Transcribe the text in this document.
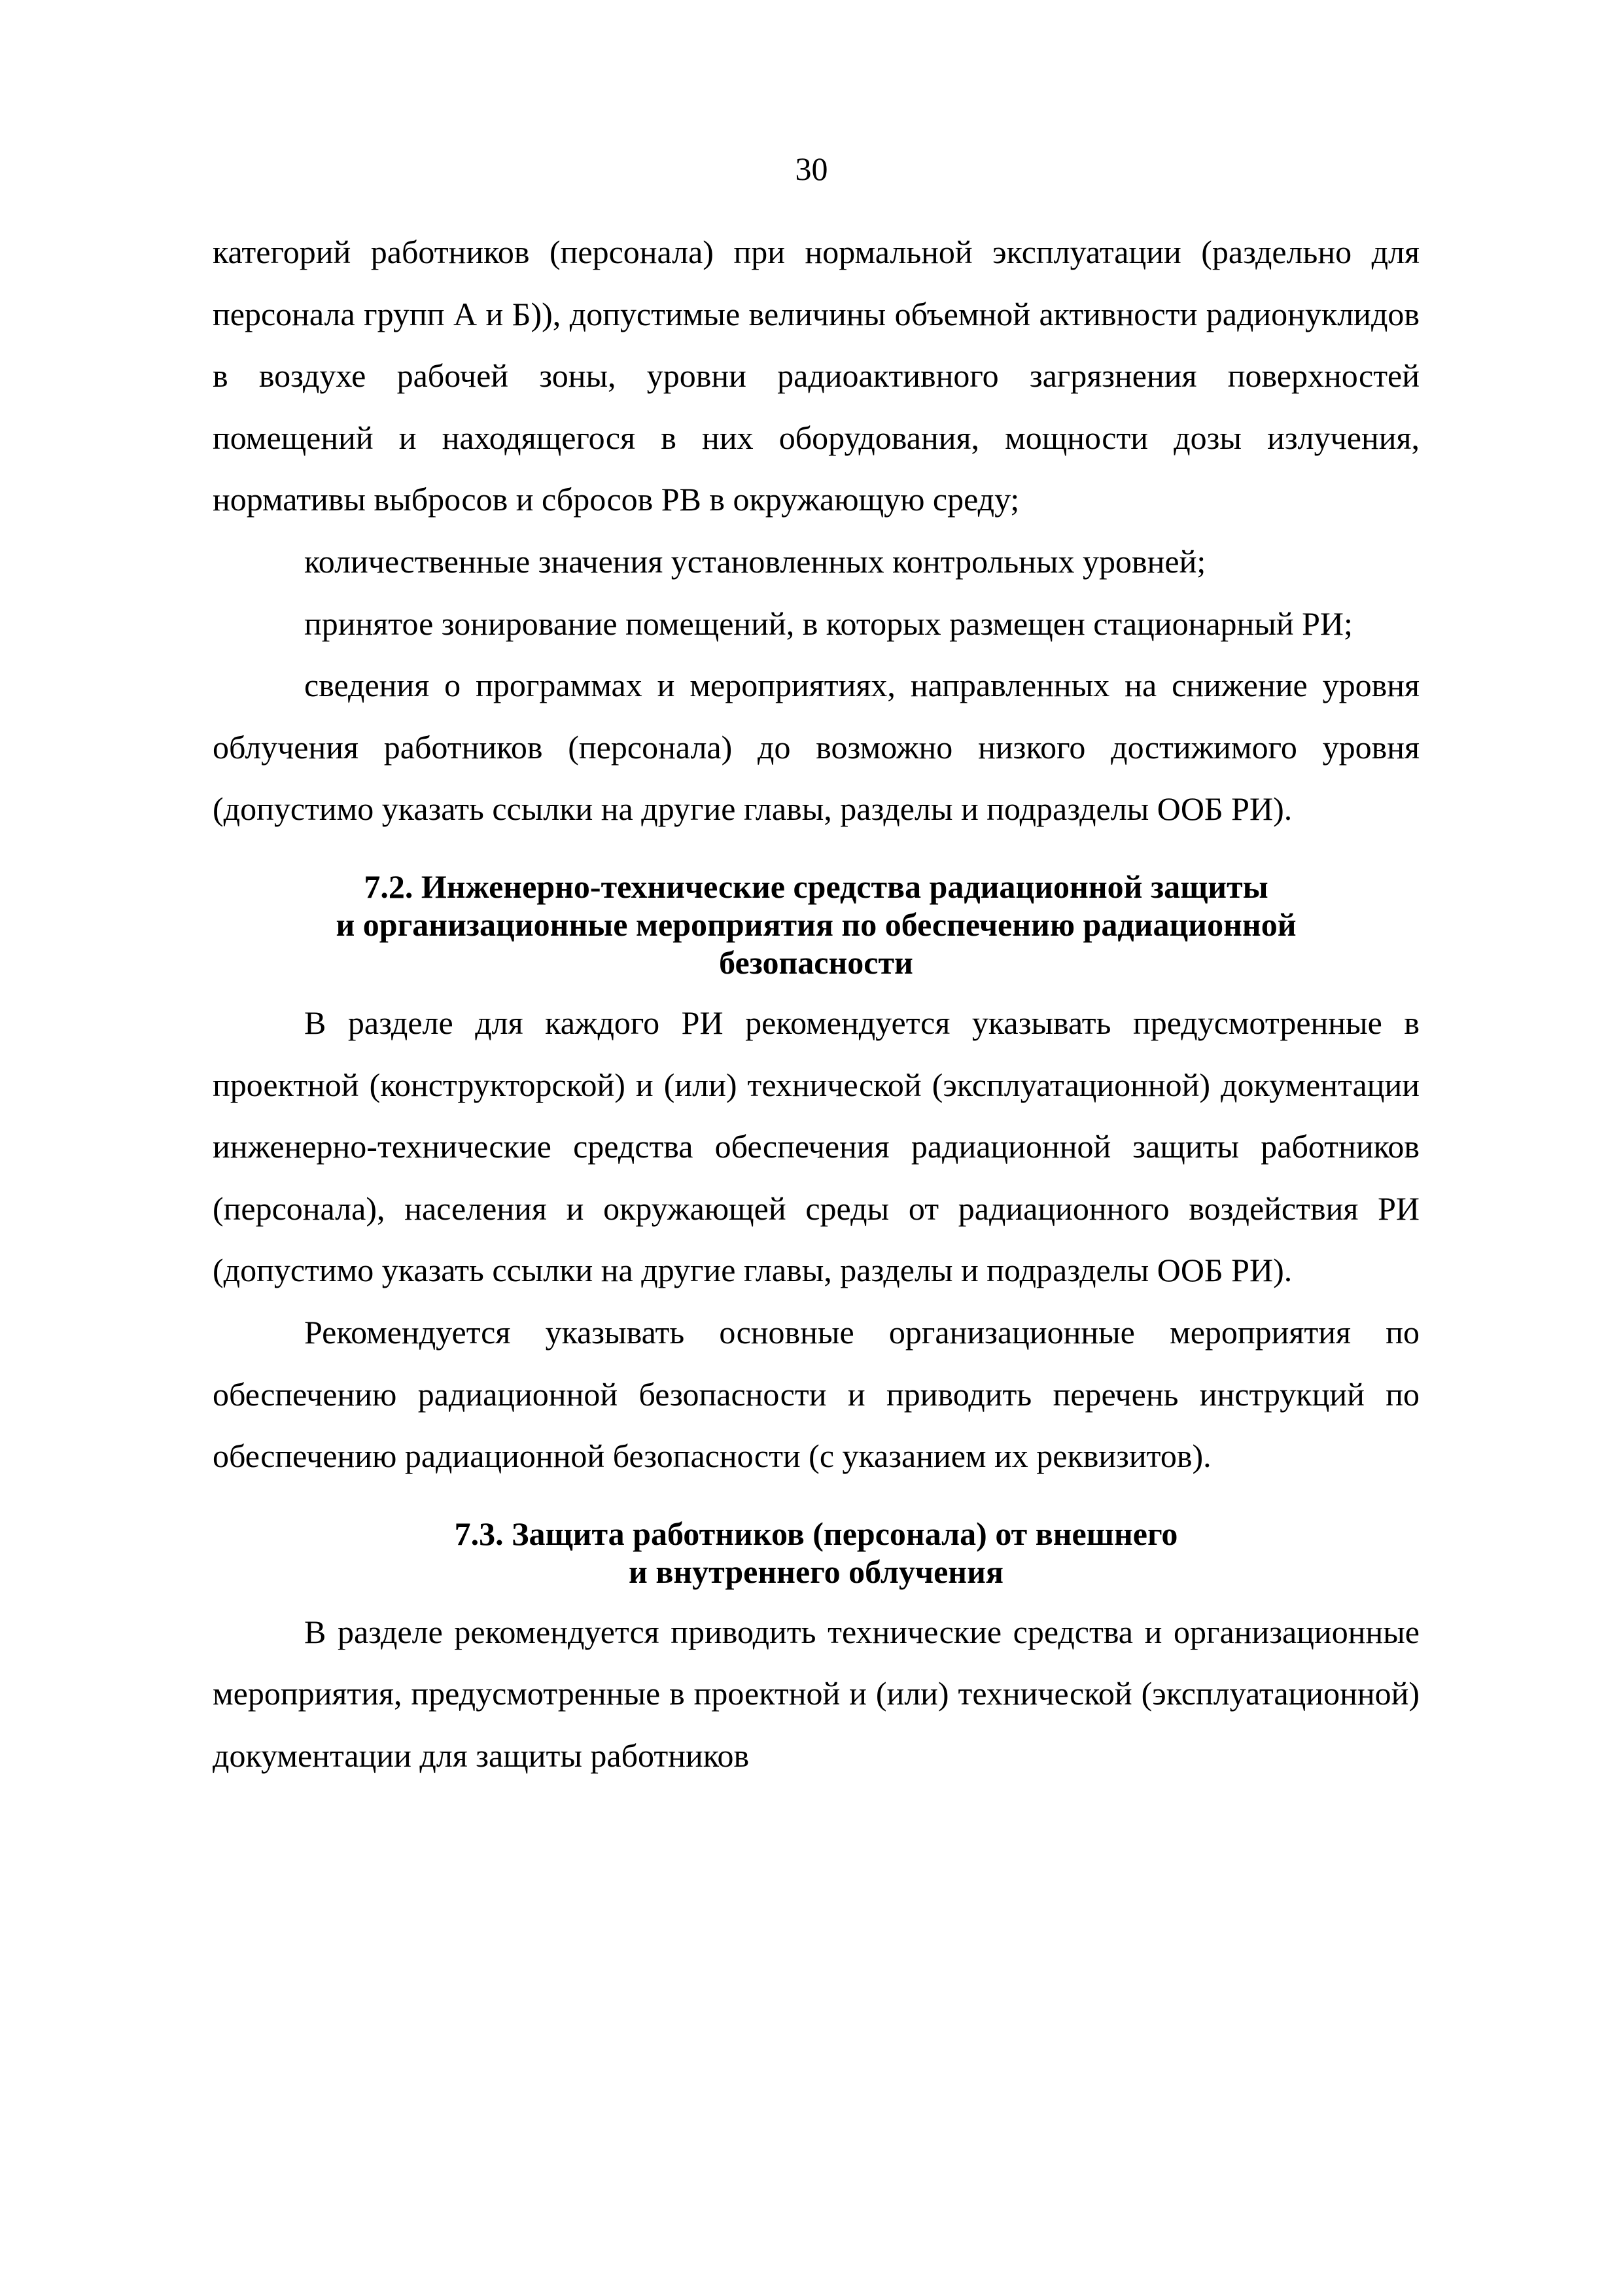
30

категорий работников (персонала) при нормальной эксплуатации (раздельно для персонала групп А и Б)), допустимые величины объемной активности радионуклидов в воздухе рабочей зоны, уровни радиоактивного загрязнения поверхностей помещений и находящегося в них оборудования, мощности дозы излучения, нормативы выбросов и сбросов РВ в окружающую среду;

количественные значения установленных контрольных уровней;

принятое зонирование помещений, в которых размещен стационарный РИ;

сведения о программах и мероприятиях, направленных на снижение уровня облучения работников (персонала) до возможно низкого достижимого уровня (допустимо указать ссылки на другие главы, разделы и подразделы ООБ РИ).

7.2. Инженерно-технические средства радиационной защиты
и организационные мероприятия по обеспечению радиационной
безопасности

В разделе для каждого РИ рекомендуется указывать предусмотренные в проектной (конструкторской) и (или) технической (эксплуатационной) документации инженерно-технические средства обеспечения радиационной защиты работников (персонала), населения и окружающей среды от радиационного воздействия РИ (допустимо указать ссылки на другие главы, разделы и подразделы ООБ РИ).

Рекомендуется указывать основные организационные мероприятия по обеспечению радиационной безопасности и приводить перечень инструкций по обеспечению радиационной безопасности (с указанием их реквизитов).

7.3. Защита работников (персонала) от внешнего
и внутреннего облучения

В разделе рекомендуется приводить технические средства и организационные мероприятия, предусмотренные в проектной и (или) технической (эксплуатационной) документации для защиты работников
